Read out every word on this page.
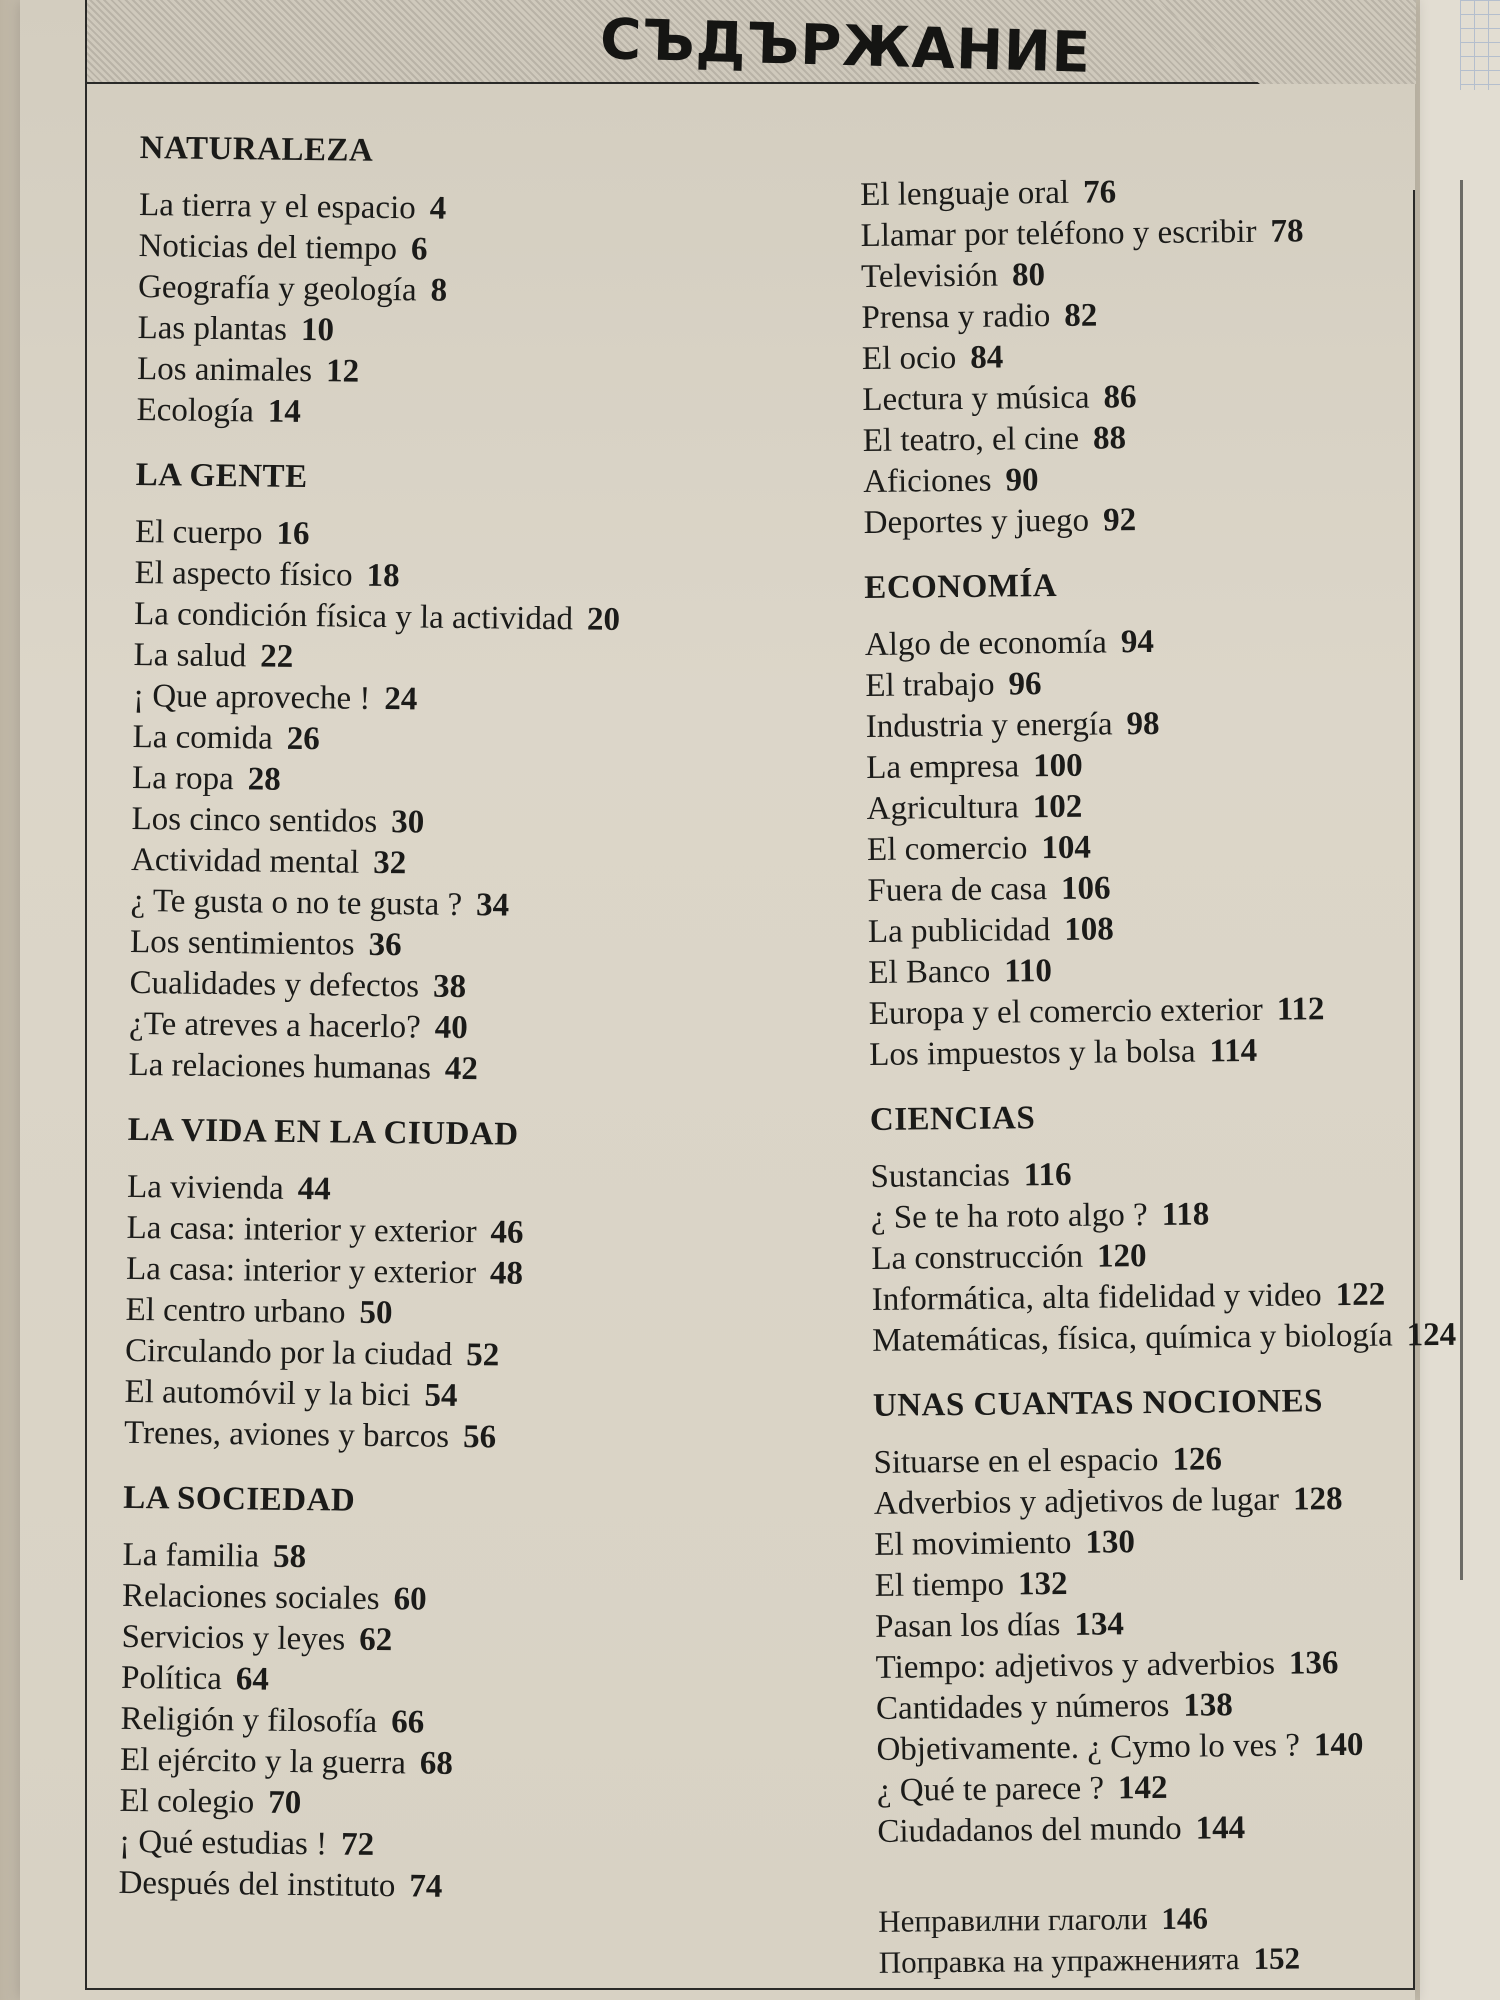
СЪДЪРЖАНИЕ
NATURALEZA
La tierra y el espacio 4
Noticias del tiempo 6
Geografía y geología 8
Las plantas 10
Los animales 12
Ecología 14
LA GENTE
El cuerpo 16
El aspecto físico 18
La condición física y la actividad 20
La salud 22
¡ Que aproveche ! 24
La comida 26
La ropa 28
Los cinco sentidos 30
Actividad mental 32
¿ Te gusta o no te gusta ? 34
Los sentimientos 36
Cualidades y defectos 38
¿Te atreves a hacerlo? 40
La relaciones humanas 42
LA VIDA EN LA CIUDAD
La vivienda 44
La casa: interior y exterior 46
La casa: interior y exterior 48
El centro urbano 50
Circulando por la ciudad 52
El automóvil y la bici 54
Trenes, aviones y barcos 56
LA SOCIEDAD
La familia 58
Relaciones sociales 60
Servicios y leyes 62
Política 64
Religión y filosofía 66
El ejército y la guerra 68
El colegio 70
¡ Qué estudias ! 72
Después del instituto 74
El lenguaje oral 76
Llamar por teléfono y escribir 78
Televisión 80
Prensa y radio 82
El ocio 84
Lectura y música 86
El teatro, el cine 88
Aficiones 90
Deportes y juego 92
ECONOMÍA
Algo de economía 94
El trabajo 96
Industria y energía 98
La empresa 100
Agricultura 102
El comercio 104
Fuera de casa 106
La publicidad 108
El Banco 110
Europa y el comercio exterior 112
Los impuestos y la bolsa 114
CIENCIAS
Sustancias 116
¿ Se te ha roto algo ? 118
La construcción 120
Informática, alta fidelidad y video 122
Matemáticas, física, química y biología 124
UNAS CUANTAS NOCIONES
Situarse en el espacio 126
Adverbios y adjetivos de lugar 128
El movimiento 130
El tiempo 132
Pasan los días 134
Tiempo: adjetivos y adverbios 136
Cantidades y números 138
Objetivamente. ¿ Cymo lo ves ? 140
¿ Qué te parece ? 142
Ciudadanos del mundo 144
Неправилни глаголи 146
Поправка на упражненията 152
